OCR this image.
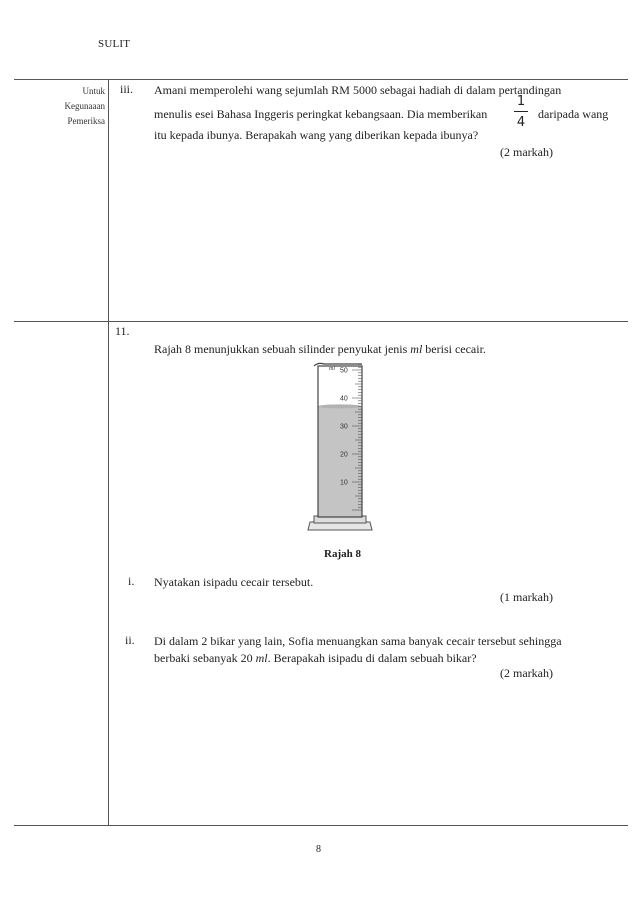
SULIT
Untuk
Kegunaaan
Pemeriksa
iii. Amani memperolehi wang sejumlah RM 5000 sebagai hadiah di dalam pertandingan
menulis esei Bahasa Inggeris peringkat kebangsaan. Dia memberikan
1
4
daripada wang
itu kepada ibunya. Berapakah wang yang diberikan kepada ibunya?
(2 markah)
11.
Rajah 8 menunjukkan sebuah silinder penyukat jenis ml berisi cecair.
50
40
30
20
10
ml
Rajah 8
i. Nyatakan isipadu cecair tersebut.
(1 markah)
ii. Di dalam 2 bikar yang lain, Sofia menuangkan sama banyak cecair tersebut sehingga
berbaki sebanyak 20 ml. Berapakah isipadu di dalam sebuah bikar?
(2 markah)
8
